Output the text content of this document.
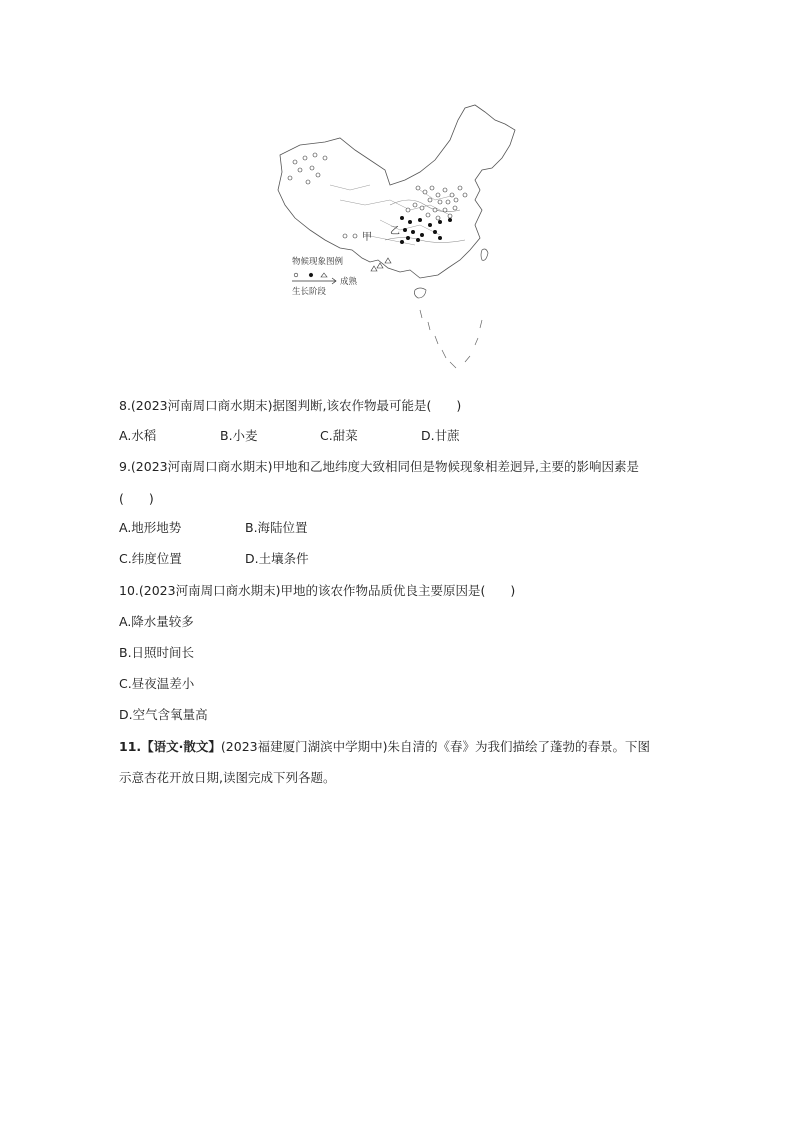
甲
乙
物候现象图例
成熟
生长阶段
8.(2023河南周口商水期末)据图判断,该农作物最可能是(　　)
A.水稻	B.小麦	C.甜菜	D.甘蔗
9.(2023河南周口商水期末)甲地和乙地纬度大致相同但是物候现象相差迥异,主要的影响因素是
(　　)
A.地形地势	B.海陆位置
C.纬度位置	D.土壤条件
10.(2023河南周口商水期末)甲地的该农作物品质优良主要原因是(　　)
A.降水量较多
B.日照时间长
C.昼夜温差小
D.空气含氧量高
11.【语文·散文】(2023福建厦门湖滨中学期中)朱自清的《春》为我们描绘了蓬勃的春景。下图
示意杏花开放日期,读图完成下列各题。
